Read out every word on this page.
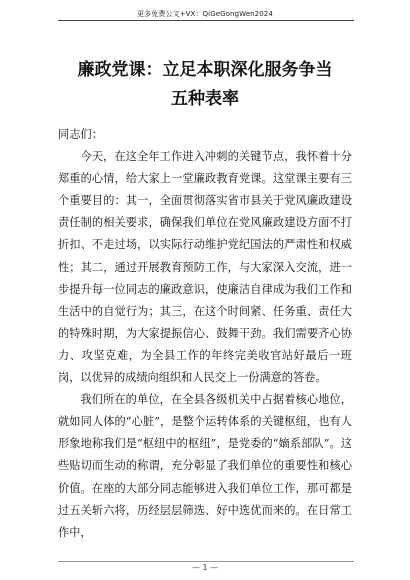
更多免费公文+VX：QiGeGongWen2024
廉政党课：立足本职深化服务争当五种表率

同志们：

今天，在这全年工作进入冲刺的关键节点，我怀着十分郑重的心情，给大家上一堂廉政教育党课。这堂课主要有三个重要目的：其一，全面贯彻落实省市县关于党风廉政建设责任制的相关要求，确保我们单位在党风廉政建设方面不打折扣、不走过场，以实际行动维护党纪国法的严肃性和权威性；其二，通过开展教育预防工作，与大家深入交流，进一步提升每一位同志的廉政意识，使廉洁自律成为我们工作和生活中的自觉行为；其三，在这个时间紧、任务重、责任大的特殊时期，为大家提振信心、鼓舞干劲。我们需要齐心协力、攻坚克难，为全县工作的年终完美收官站好最后一班岗，以优异的成绩向组织和人民交上一份满意的答卷。

我们所在的单位，在全县各级机关中占据着核心地位，就如同人体的“心脏”，是整个运转体系的关键枢纽，也有人形象地称我们是“枢纽中的枢纽”，是党委的“嫡系部队”。这些贴切而生动的称谓，充分彰显了我们单位的重要性和核心价值。在座的大部分同志能够进入我们单位工作，那可都是过五关斩六将，历经层层筛选、好中选优而来的。在日常工作中，

— 1 —
